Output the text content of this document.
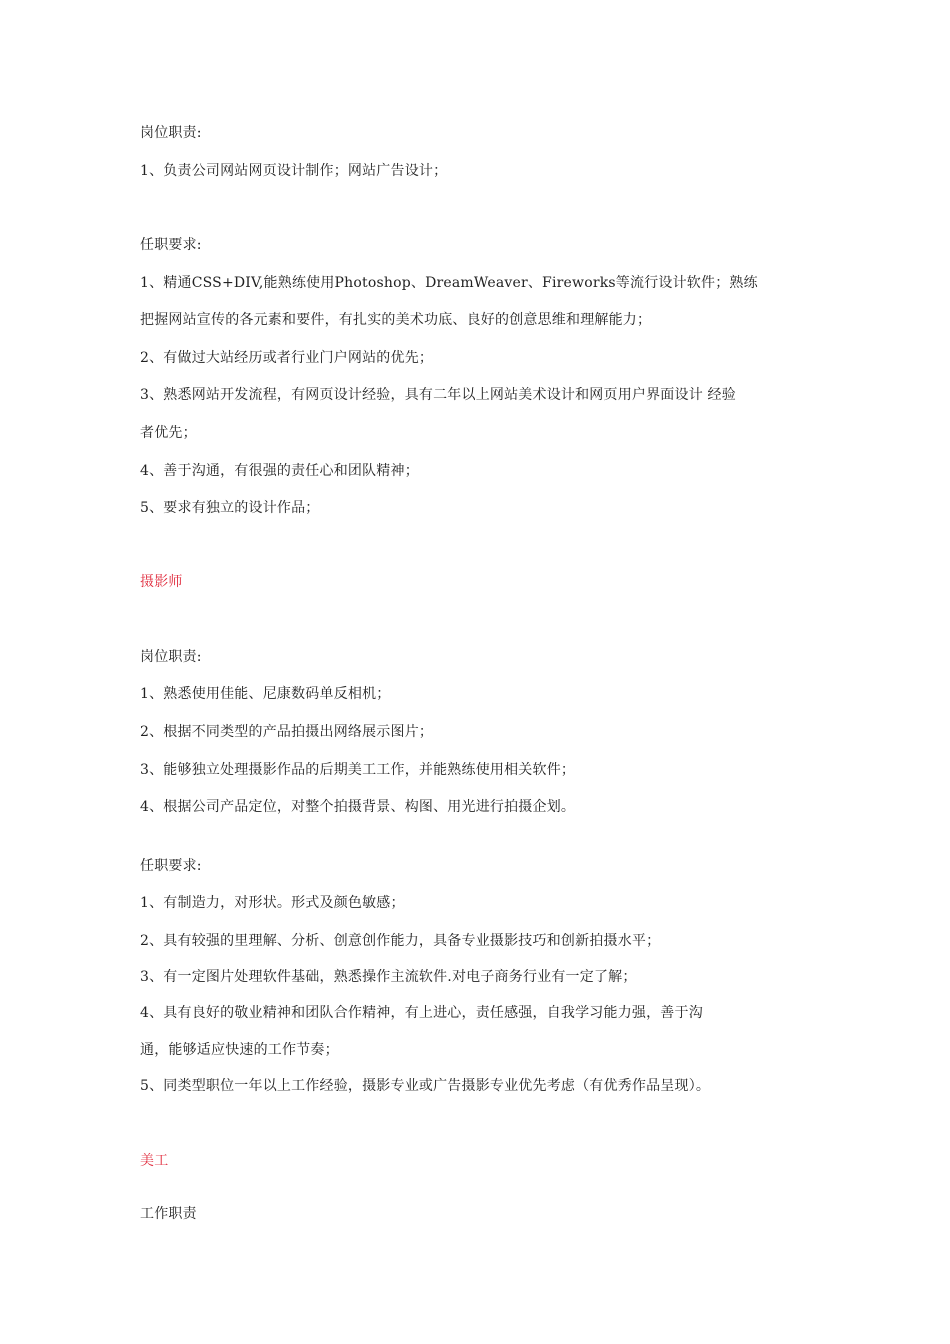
岗位职责:
1、负责公司网站网页设计制作；网站广告设计；
任职要求:
1、精通CSS+DIV,能熟练使用Photoshop、DreamWeaver、Fireworks等流行设计软件；熟练
把握网站宣传的各元素和要件，有扎实的美术功底、良好的创意思维和理解能力；
2、有做过大站经历或者行业门户网站的优先；
3、熟悉网站开发流程，有网页设计经验，具有二年以上网站美术设计和网页用户界面设计 经验
者优先；
4、善于沟通，有很强的责任心和团队精神；
5、要求有独立的设计作品；
摄影师
岗位职责:
1、熟悉使用佳能、尼康数码单反相机；
2、根据不同类型的产品拍摄出网络展示图片；
3、能够独立处理摄影作品的后期美工工作，并能熟练使用相关软件；
4、根据公司产品定位，对整个拍摄背景、构图、用光进行拍摄企划。
任职要求:
1、有制造力，对形状。形式及颜色敏感；
2、具有较强的里理解、分析、创意创作能力，具备专业摄影技巧和创新拍摄水平；
3、有一定图片处理软件基础，熟悉操作主流软件.对电子商务行业有一定了解；
4、具有良好的敬业精神和团队合作精神，有上进心，责任感强，自我学习能力强，善于沟
通，能够适应快速的工作节奏；
5、同类型职位一年以上工作经验，摄影专业或广告摄影专业优先考虑（有优秀作品呈现）。
美工
工作职责
